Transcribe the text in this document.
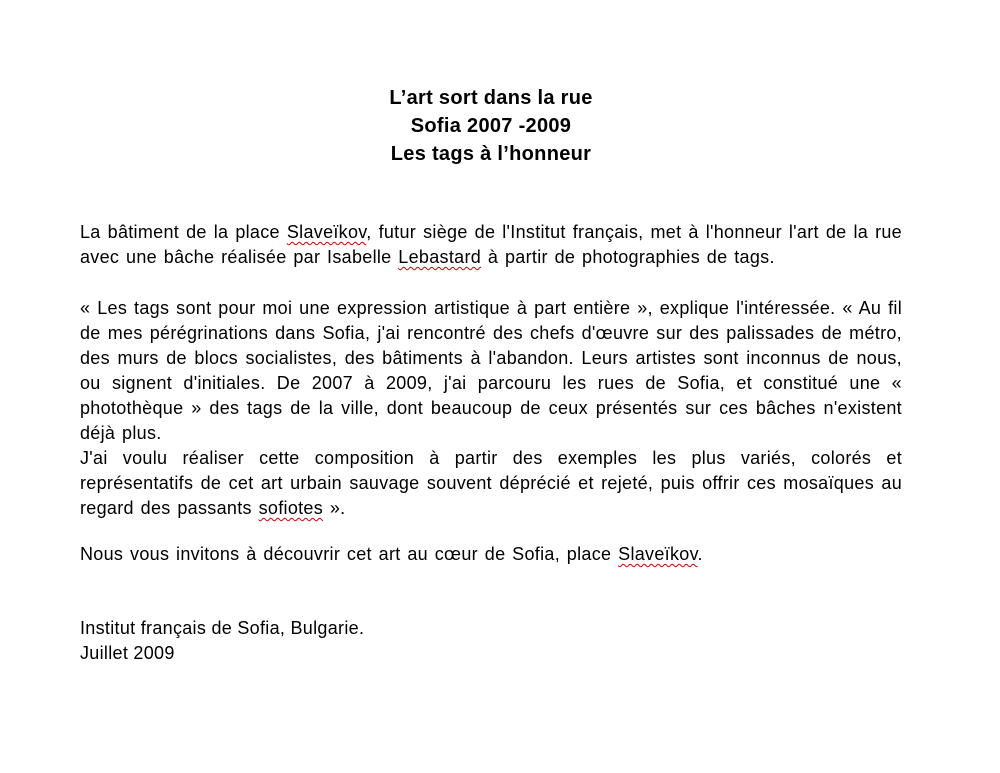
L’art sort dans la rue
Sofia 2007 -2009
Les tags à l’honneur

La bâtiment de la place Slaveïkov, futur siège de l'Institut français, met à l'honneur l'art de la rue avec une bâche réalisée par Isabelle Lebastard à partir de photographies de tags.

« Les tags sont pour moi une expression artistique à part entière », explique l'intéressée. « Au fil de mes pérégrinations dans Sofia, j'ai rencontré des chefs d'œuvre sur des palissades de métro, des murs de blocs socialistes, des bâtiments à l'abandon. Leurs artistes sont inconnus de nous, ou signent d'initiales. De 2007 à 2009, j'ai parcouru les rues de Sofia, et constitué une « photothèque » des tags de la ville, dont beaucoup de ceux présentés sur ces bâches n'existent déjà plus.

J'ai voulu réaliser cette composition à partir des exemples les plus variés, colorés et représentatifs de cet art urbain sauvage souvent déprécié et rejeté, puis offrir ces mosaïques au regard des passants sofiotes ».

Nous vous invitons à découvrir cet art au cœur de Sofia, place Slaveïkov.

Institut français de Sofia, Bulgarie.
Juillet 2009
